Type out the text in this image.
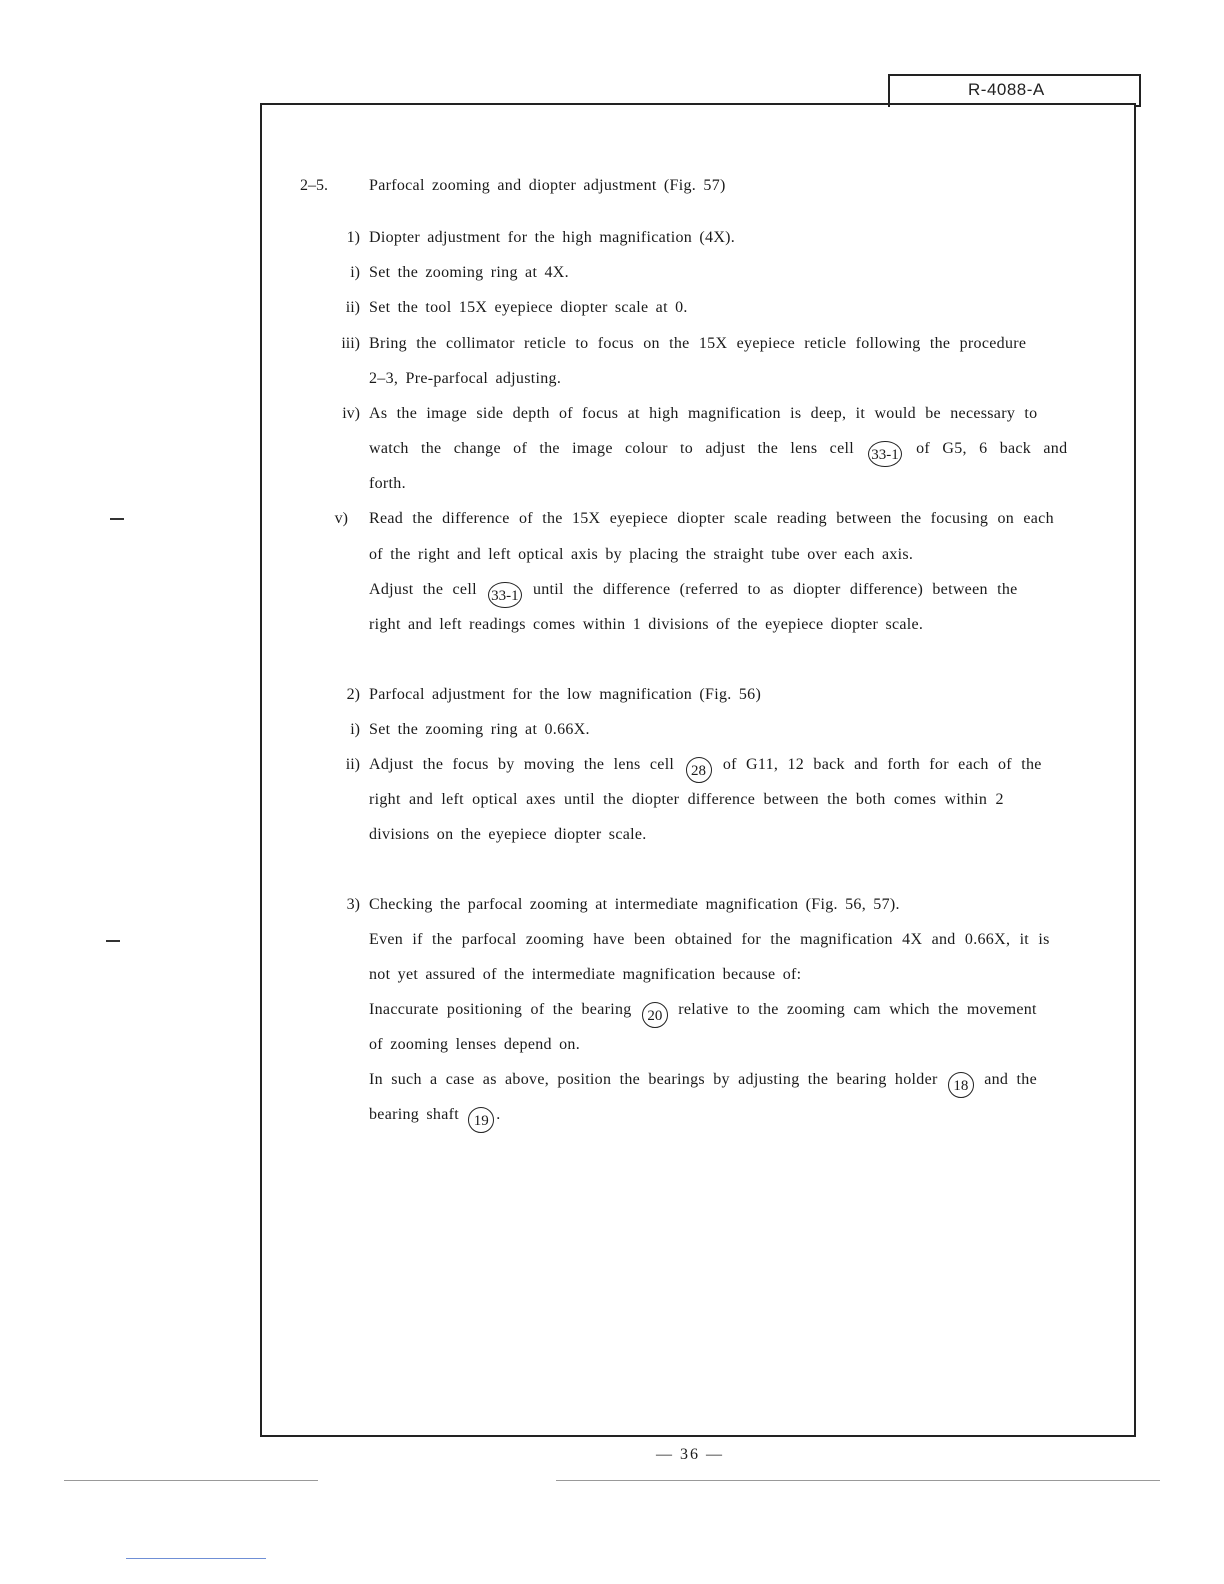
R-4088-A
2–5.	Parfocal zooming and diopter adjustment (Fig. 57)
1) Diopter adjustment for the high magnification (4X).
i) Set the zooming ring at 4X.
ii) Set the tool 15X eyepiece diopter scale at 0.
iii) Bring the collimator reticle to focus on the 15X eyepiece reticle following the procedure
2–3, Pre-parfocal adjusting.
iv) As the image side depth of focus at high magnification is deep, it would be necessary to
watch the change of the image colour to adjust the lens cell 33-1 of G5, 6 back and
forth.
v) Read the difference of the 15X eyepiece diopter scale reading between the focusing on each
of the right and left optical axis by placing the straight tube over each axis.
Adjust the cell 33-1 until the difference (referred to as diopter difference) between the
right and left readings comes within 1 divisions of the eyepiece diopter scale.
2) Parfocal adjustment for the low magnification (Fig. 56)
i) Set the zooming ring at 0.66X.
ii) Adjust the focus by moving the lens cell 28 of G11, 12 back and forth for each of the
right and left optical axes until the diopter difference between the both comes within 2
divisions on the eyepiece diopter scale.
3) Checking the parfocal zooming at intermediate magnification (Fig. 56, 57).
Even if the parfocal zooming have been obtained for the magnification 4X and 0.66X, it is
not yet assured of the intermediate magnification because of:
Inaccurate positioning of the bearing 20 relative to the zooming cam which the movement
of zooming lenses depend on.
In such a case as above, position the bearings by adjusting the bearing holder 18 and the
bearing shaft 19 .
— 36 —
